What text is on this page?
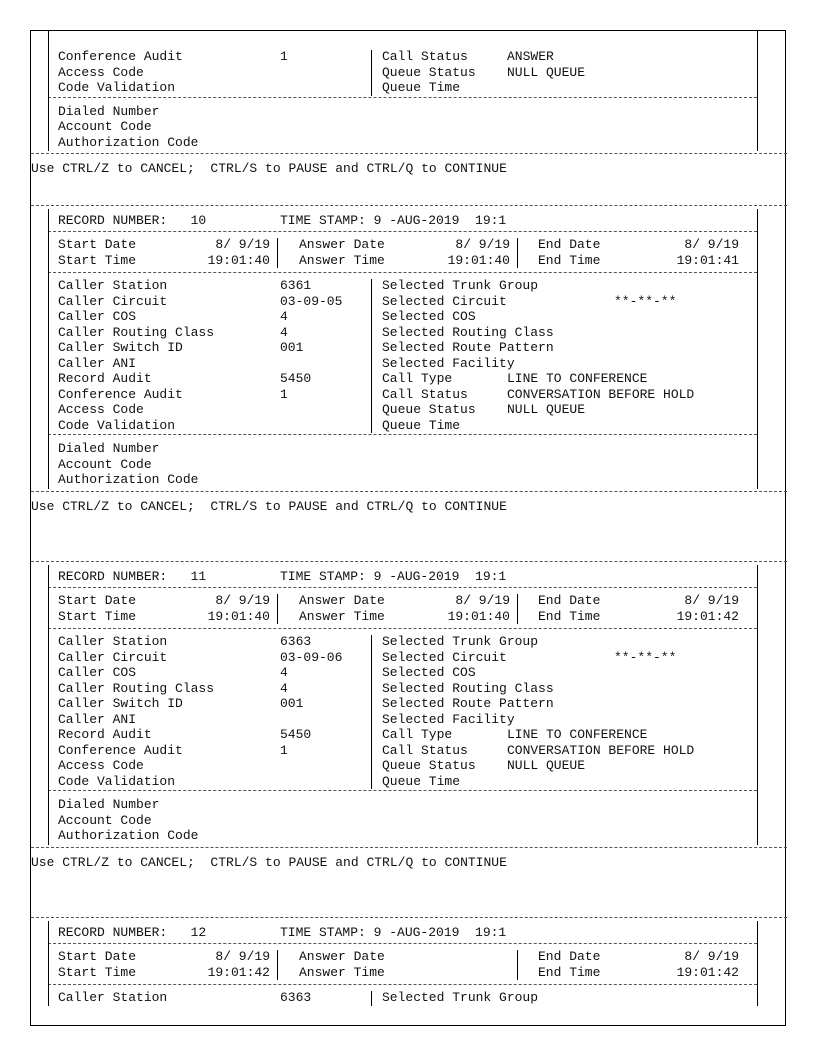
Conference Audit	1	Call Status	ANSWER
Access Code	Queue Status NULL QUEUE
Code Validation	Queue Time
Dialed Number
Account Code
Authorization Code
Use CTRL/Z to CANCEL;  CTRL/S to PAUSE and CTRL/Q to CONTINUE
RECORD NUMBER:   10	TIME STAMP: 9 -AUG-2019  19:1
Start Date	8/ 9/19 Answer Date	8/ 9/19 End Date	8/ 9/19
Start Time	19:01:40 Answer Time	19:01:40 End Time	19:01:41
Caller Station	6361	Selected Trunk Group
Caller Circuit	03-09-05	Selected Circuit	**-**-**
Caller COS	4	Selected COS
Caller Routing Class	4	Selected Routing Class
Caller Switch ID	001	Selected Route Pattern
Caller ANI	Selected Facility
Record Audit	5450	Call Type	LINE TO CONFERENCE
Conference Audit	1	Call Status	CONVERSATION BEFORE HOLD
Access Code	Queue Status NULL QUEUE
Code Validation	Queue Time
Dialed Number
Account Code
Authorization Code
Use CTRL/Z to CANCEL;  CTRL/S to PAUSE and CTRL/Q to CONTINUE
RECORD NUMBER:   11	TIME STAMP: 9 -AUG-2019  19:1
Start Date	8/ 9/19 Answer Date	8/ 9/19 End Date	8/ 9/19
Start Time	19:01:40 Answer Time	19:01:40 End Time	19:01:42
Caller Station	6363	Selected Trunk Group
Caller Circuit	03-09-06	Selected Circuit	**-**-**
Caller COS	4	Selected COS
Caller Routing Class	4	Selected Routing Class
Caller Switch ID	001	Selected Route Pattern
Caller ANI	Selected Facility
Record Audit	5450	Call Type	LINE TO CONFERENCE
Conference Audit	1	Call Status	CONVERSATION BEFORE HOLD
Access Code	Queue Status NULL QUEUE
Code Validation	Queue Time
Dialed Number
Account Code
Authorization Code
Use CTRL/Z to CANCEL;  CTRL/S to PAUSE and CTRL/Q to CONTINUE
RECORD NUMBER:   12	TIME STAMP: 9 -AUG-2019  19:1
Start Date	8/ 9/19 Answer Date	End Date	8/ 9/19
Start Time	19:01:42 Answer Time	End Time	19:01:42
Caller Station	6363	Selected Trunk Group
